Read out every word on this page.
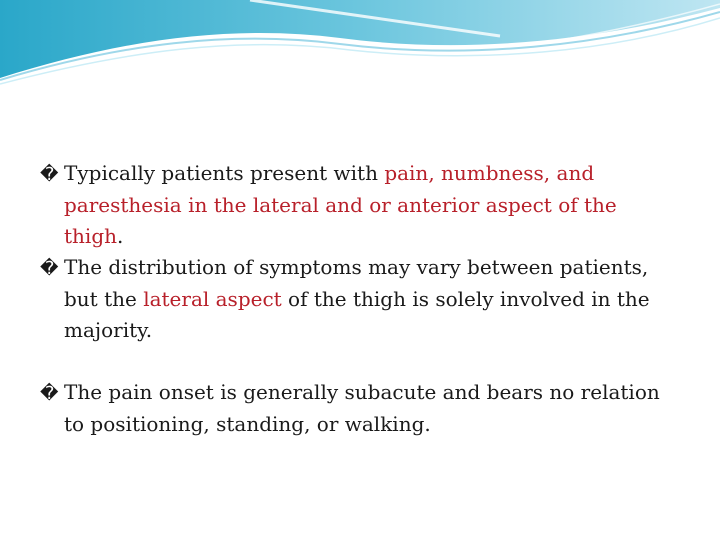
� Typically patients present with pain, numbness, and paresthesia in the lateral and or anterior aspect of the thigh.

� The distribution of symptoms may vary between patients, but the lateral aspect of the thigh is solely involved in the majority.

� The pain onset is generally subacute and bears no relation to positioning, standing, or walking.
